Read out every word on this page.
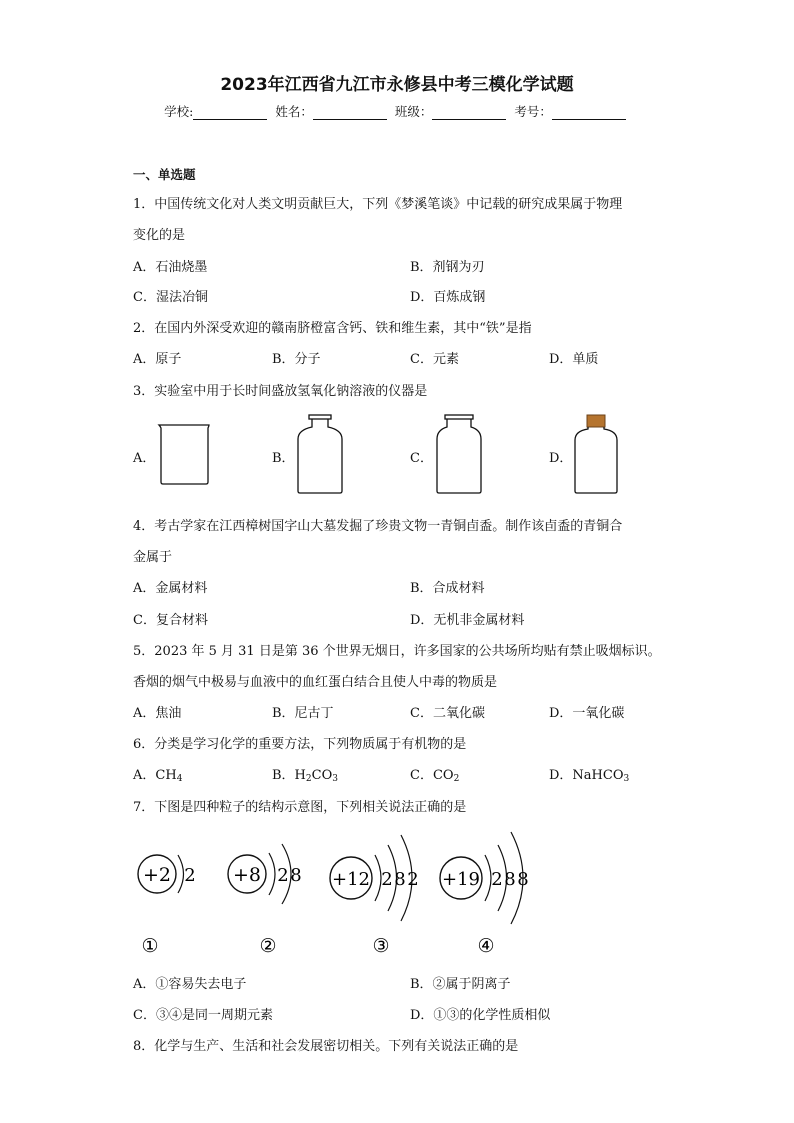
2023年江西省九江市永修县中考三模化学试题
学校:	姓名：	班级：	考号：
一、单选题
1．中国传统文化对人类文明贡献巨大，下列《梦溪笔谈》中记载的研究成果属于物理
变化的是
A．石油烧墨	B．剂钢为刃
C．湿法冶铜	D．百炼成钢
2．在国内外深受欢迎的赣南脐橙富含钙、铁和维生素，其中“铁”是指
A．原子	B．分子	C．元素	D．单质
3．实验室中用于长时间盛放氢氧化钠溶液的仪器是
A．	B．	C．	D．
4．考古学家在江西樟树国字山大墓发掘了珍贵文物一青铜卣盉。制作该卣盉的青铜合
金属于
A．金属材料	B．合成材料
C．复合材料	D．无机非金属材料
5．2023 年 5 月 31 日是第 36 个世界无烟日，许多国家的公共场所均贴有禁止吸烟标识。
香烟的烟气中极易与血液中的血红蛋白结合且使人中毒的物质是
A．焦油	B．尼古丁	C．二氧化碳	D．一氧化碳
6．分类是学习化学的重要方法，下列物质属于有机物的是
A．$CH_4$	B．$H_2CO_3$	C．$CO_2$	D．NaHCO$_3$
7．下图是四种粒子的结构示意图，下列相关说法正确的是
+2 2
①
+8 2 8
②
+12 2 8 2
③
+19 2 8 8
④
A．①容易失去电子	B．②属于阴离子
C．③④是同一周期元素	D．①③的化学性质相似
8．化学与生产、生活和社会发展密切相关。下列有关说法正确的是
